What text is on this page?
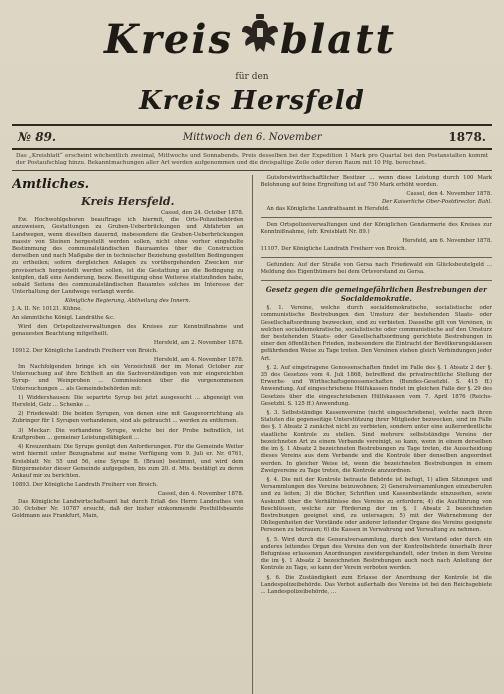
Kreis blatt
für den
Kreis Hersfeld
№ 89.	Mittwoch den 6. November	1878.
Das „Kreisblatt“ erscheint wöchentlich zweimal, Mittwochs und Sonnabends. Preis desselben bei der Expedition 1 Mark pro Quartal bei den Postanstalten kommt der Postaufschlag hinzu. Bekanntmachungen aller Art werden aufgenommen und die dreispaltige Zeile oder deren Raum mit 10 Pfg. berechnet.
Amtliches.
Kreis Hersfeld.
Cassel, den 24. October 1878.
Ew. Hochwohlgeboren beauftrage ich hiermit, die Orts-Polizeibehörden anzuweisen, Gestattungen zu Gruben-Ueberbrückungen und Abfahrten an Landwegen, wenn dieselben dauernd, insbesondere die Graben-Ueberbrückungen massiv von Steinen hergestellt werden sollen, nicht ohne vorher eingeholte Bestimmung des communalständischen Bauraamtes über die Construction derselben und nach Maßgabe der in technischer Beziehung gestellten Bedingungen zu ertheilen; sofern dergleichen Anlagen zu vorübergehenden Zwecken nur provisorisch hergestellt werden sollen, ist die Gestattung an die Bedingung zu knüpfen, daß eine Aenderung, bezw. Beseitigung ohne Weiteres stattzufinden habe, sobald Seitens des communalständischen Bauamtes solches im Interesse der Unterhaltung der Landwege verlangt werde.
Königliche Regierung, Abtheilung des Innern.
J. A. II. Nr. 10121. Kühne.
An sämmtliche Königl. Landräthe &c.
Wird den Ortspolizeiverwaltungen des Kreises zur Kenntnißnahme und genauesten Beachtung mitgetheilt.
Hersfeld, am 2. November 1878.
10912. Der Königliche Landrath Freiherr von Broich.
Hersfeld, am 4. November 1878.
Im Nachfolgenden bringe ich ein Verzeichniß der im Monat October zur Untersuchung auf ihre Echtheit an die Sachverständigen von mir eingereichten Syrup- und Weinproben ... Commissionen über die vorgenommenen Untersuchungen ... als Gemeindebehörden mit:
1) Widdershausen: Die separirte Syrup bei jetzt ausgesucht ... abgeneigt von Hersfeld, Gelz ... Schenke ...
2) Friedewald: Die beiden Syrupen, von denen eine mit Gaugsvorrichtung als Zubringer für 1 Syrupen vorhandenen, sind als gebraucht ... werden zu entfernen.
3) Meckar: Die vorhandene Syrupe, welche bei der Probe befindlich, ist Kraftproben ... gemeiner Leistungsfähigkeit ...
4) Kreuzenhain: Die Syrupe genügt den Anforderungen. Für die Gemeinde Weiter wird hiermit unter Bezugnahme auf meine Verfügung vom 9. Juli er. Nr. 6761, Kreisblatt Nr. 55 und 56, eine Syrupe B. (Braun) bestimmt, und wird dem Bürgermeister dieser Gemeinde aufgegeben, bis zum 20. d. Mts. bestätigt zu deren Ankauf mir zu berichten.
10893. Der Königliche Landrath Freiherr von Broich.
Cassel, den 4. November 1878.
Das Königliche Landwirtschaftsamt hat durch Erlaß des Herrn Landrathes von 30. October Nr. 10787 ersucht, daß der bisher einkommende Posthilfsbeamte Goldmann aus Frankfurt, Main,
Gutsforstwirthschaftlicher Besitzer ... wenn diese Leistung durch 100 Mark Belohnung auf feine Ergreifung ist auf 750 Mark erhöht worden.
Cassel, den 4. November 1878.
Der Kaiserliche Ober-Postdirector. Bahl.
An das Königliche Landrathsamt in Hersfeld.
Den Ortspolizeiverwaltungen und der Königlichen Gendarmerie des Kreises zur Kenntnißnahme, (efr. Kreisblatt Nr. 89.)
Hersfeld, am 6. November 1878.
11107. Der Königliche Landrath Freiherr von Broich.
Gefunden: Auf der Straße von Gersa nach Friedewald ein Glücksbeutelgeld ... Meldung des Eigenthümers bei dem Ortsvorstand zu Gersa.
Gesetz gegen die gemeingefährlichen Bestrebungen der Socialdemokratie.
§. 1. Vereine, welche durch socialdemokratische, socialistische oder communistische Bestrebungen den Umsturz der bestehenden Staats- oder Gesellschaftsordnung bezwecken, sind zu verbieten. Dasselbe gilt von Vereinen, in welchen socialdemokratische, socialistische oder communistische auf den Umsturz der bestehenden Staats- oder Gesellschaftsordnung gerichtete Bestrebungen in einer den öffentlichen Frieden, insbesondere die Eintracht der Bevölkerungsklassen gefährdenden Weise zu Tage treten. Den Vereinen stehen gleich Verbindungen jeder Art.
§. 2. Auf eingetragene Genossenschaften findet im Falle des §. 1 Absatz 2 der §. 35 des Gesetzes vom 4. Juli 1868, betreffend die privatrechtliche Stellung der Erwerbs- und Wirthschaftsgenossenschaften (Bundes-Gesetzbl. S. 415 ff.) Anwendung. Auf eingeschriebene Hülfskassen findet im gleichen Falle der §. 29 des Gesetzes über die eingeschriebenen Hülfskassen vom 7. April 1876 (Reichs-Gesetzbl. S. 125 ff.) Anwendung.
§. 3. Selbstständige Kassenvereine (nicht eingeschriebene), welche nach ihren Statuten die gegenseitige Unterstützung ihrer Mitglieder bezwecken, sind im Falle des §. 1 Absatz 2 zunächst nicht zu verbieten, sondern unter eine außerordentliche staatliche Kontrole zu stellen. Sind mehrere selbstständige Vereine der bezeichneten Art zu einem Verbande vereinigt, so kann, wenn in einem derselben die im §. 1 Absatz 2 bezeichneten Bestrebungen zu Tage treten, die Ausscheidung dieses Vereins aus dem Verbande und die Kontrole über denselben angeordnet werden. In gleicher Weise ist, wenn die bezeichneten Bestrebungen in einem Zweigvereine zu Tage treten, die Kontrole anzuordnen.
§. 4. Die mit der Kontrole betraute Behörde ist befugt, 1) allen Sitzungen und Versammlungen des Vereins beizuwohnen; 2) Generalversammlungen einzuberufen und zu leiten; 3) die Bücher, Schriften und Kassenbestände einzusehen, sowie Auskunft über die Verhältnisse des Vereins zu erfordern; 4) die Ausführung von Beschlüssen, welche zur Förderung der im §. 1 Absatz 2 bezeichneten Bestrebungen geeignet sind, zu untersagen; 5) mit der Wahrnehmung der Obliegenheiten der Vorstände oder anderer leitender Organe des Vereins geeignete Personen zu betrauen; 6) die Kassen in Verwahrung und Verwaltung zu nehmen.
§. 5. Wird durch die Generalversammlung, durch den Vorstand oder durch ein anderes leitendes Organ des Vereins den von der Kontrolbehörde innerhalb ihrer Befugnisse erlassenen Anordnungen zuwidergehandelt, oder treten in dem Vereine die im §. 1 Absatz 2 bezeichneten Bestrebungen auch noch nach Anleitung der Kontrole zu Tage, so kann der Verein verboten werden.
§. 6. Die Zuständigkeit zum Erlasse der Anordnung der Kontrole ist die Landespolizeibehörde. Das Verbot außerhalb des Vereins ist bei den Reichsgebiete ... Landespolizeibehörde, ...
